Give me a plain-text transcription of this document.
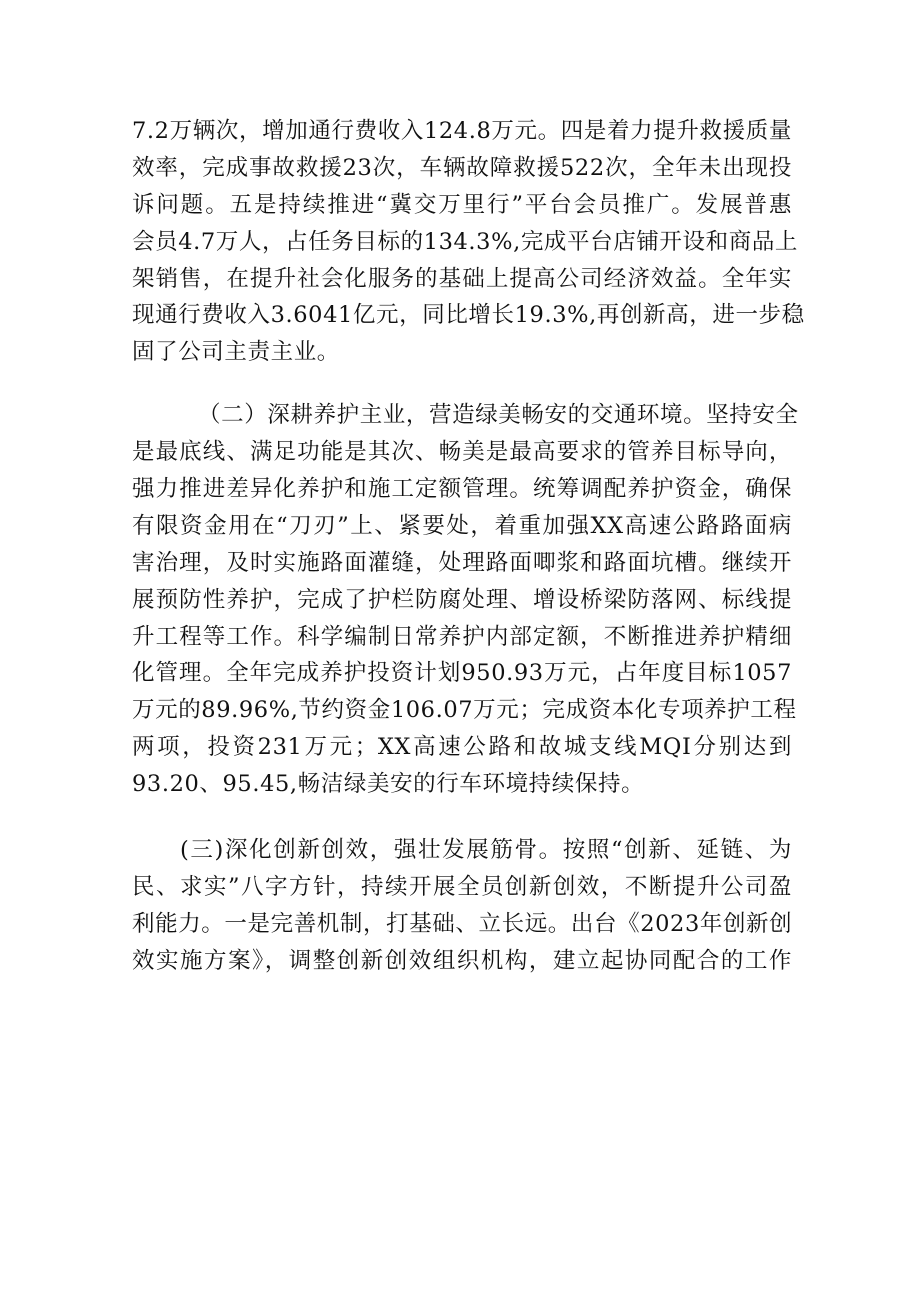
7.2万辆次，增加通行费收入124.8万元。四是着力提升救援质量
效率，完成事故救援23次，车辆故障救援522次，全年未出现投
诉问题。五是持续推进“冀交万里行”平台会员推广。发展普惠
会员4.7万人，占任务目标的134.3%,完成平台店铺开设和商品上
架销售，在提升社会化服务的基础上提高公司经济效益。全年实
现通行费收入3.6041亿元，同比增长19.3%,再创新高，进一步稳
固了公司主责主业。
（二）深耕养护主业，营造绿美畅安的交通环境。坚持安全
是最底线、满足功能是其次、畅美是最高要求的管养目标导向，
强力推进差异化养护和施工定额管理。统筹调配养护资金，确保
有限资金用在“刀刃”上、紧要处，着重加强XX高速公路路面病
害治理，及时实施路面灌缝，处理路面唧浆和路面坑槽。继续开
展预防性养护，完成了护栏防腐处理、增设桥梁防落网、标线提
升工程等工作。科学编制日常养护内部定额，不断推进养护精细
化管理。全年完成养护投资计划950.93万元，占年度目标1057
万元的89.96%,节约资金106.07万元；完成资本化专项养护工程
两项，投资231万元；XX高速公路和故城支线MQI分别达到
93.20、95.45,畅洁绿美安的行车环境持续保持。
(三)深化创新创效，强壮发展筋骨。按照“创新、延链、为
民、求实”八字方针，持续开展全员创新创效，不断提升公司盈
利能力。一是完善机制，打基础、立长远。出台《2023年创新创
效实施方案》，调整创新创效组织机构，建立起协同配合的工作
